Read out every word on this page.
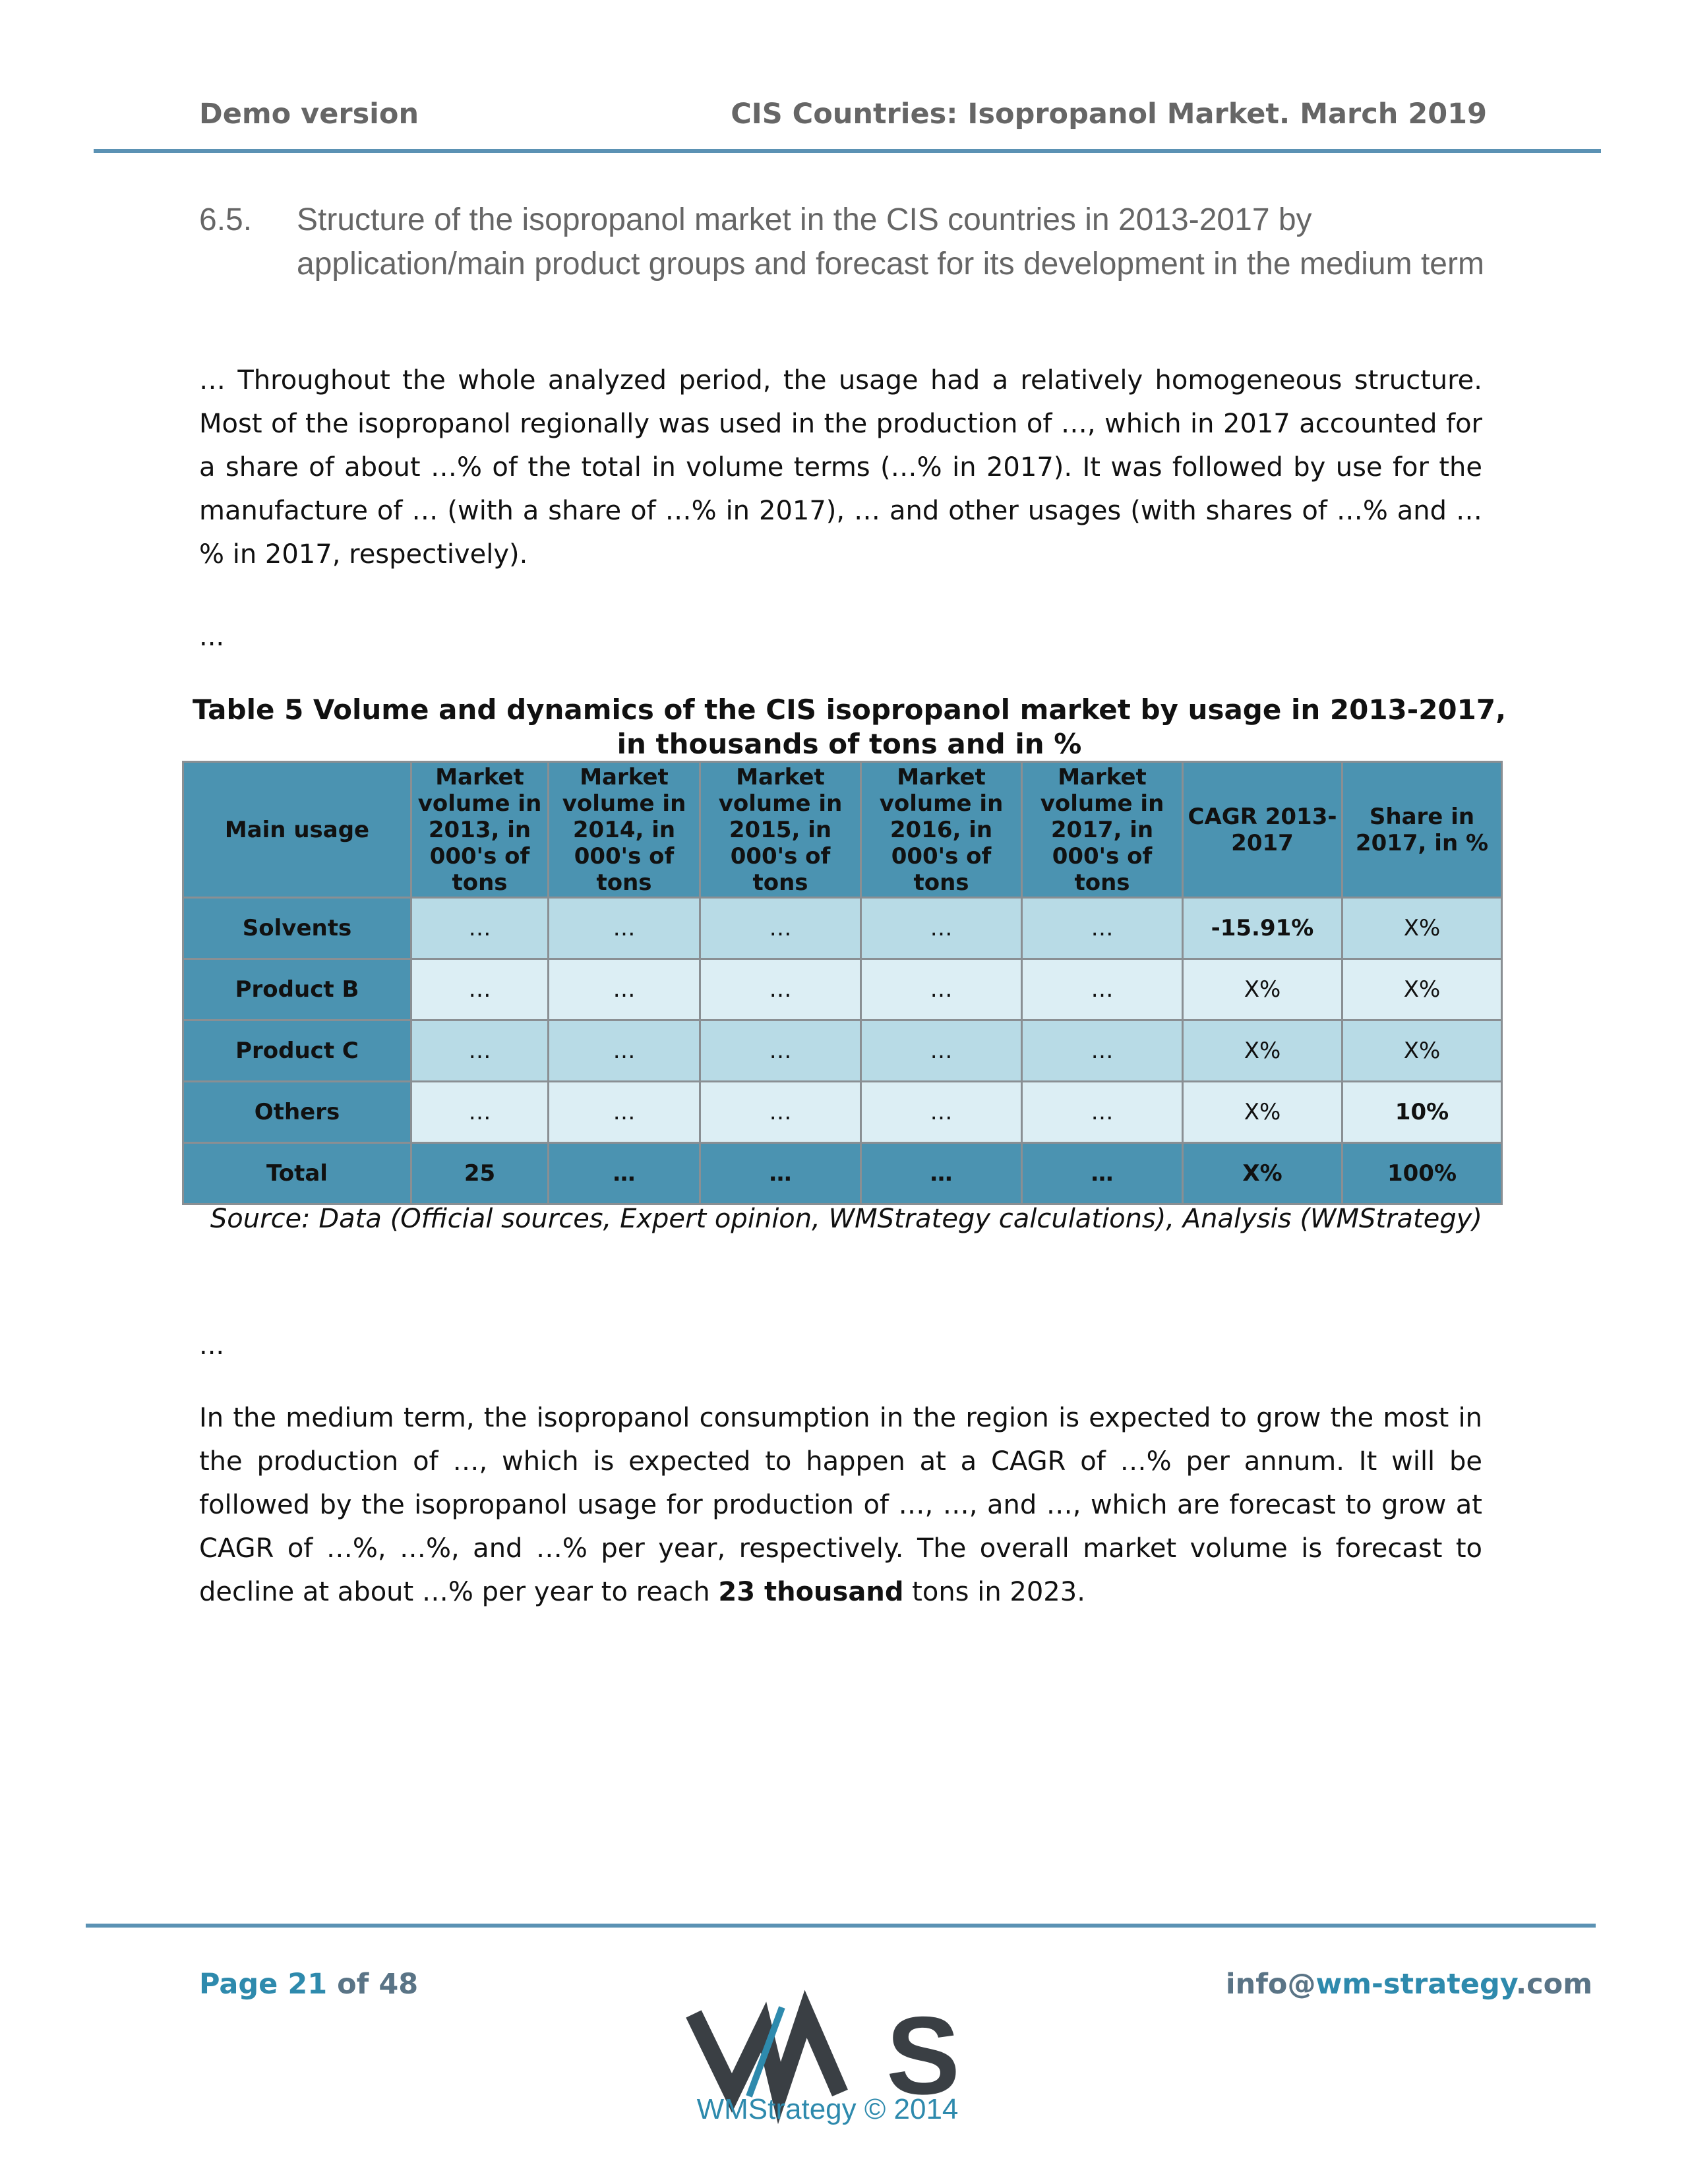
Demo version	CIS Countries: Isopropanol Market. March 2019
6.5. Structure of the isopropanol market in the CIS countries in 2013-2017 by application/main product groups and forecast for its development in the medium term

… Throughout the whole analyzed period, the usage had a relatively homogeneous structure. Most of the isopropanol regionally was used in the production of …, which in 2017 accounted for a share of about …% of the total in volume terms (…% in 2017). It was followed by use for the manufacture of … (with a share of …% in 2017), … and other usages (with shares of …% and …% in 2017, respectively).

...
Table 5 Volume and dynamics of the CIS isopropanol market by usage in 2013-2017, in thousands of tons and in %
Main usage	Market volume in 2013, in 000's of tons	Market volume in 2014, in 000's of tons	Market volume in 2015, in 000's of tons	Market volume in 2016, in 000's of tons	Market volume in 2017, in 000's of tons	CAGR 2013-2017	Share in 2017, in %
Solvents	…	…	…	…	…	-15.91%	X%
Product B	…	…	…	…	…	X%	X%
Product C	…	…	…	…	…	X%	X%
Others	…	…	…	…	…	X%	10%
Total	25	…	…	…	…	X%	100%
Source: Data (Official sources, Expert opinion, WMStrategy calculations), Analysis (WMStrategy)
...

In the medium term, the isopropanol consumption in the region is expected to grow the most in the production of …, which is expected to happen at a CAGR of …% per annum. It will be followed by the isopropanol usage for production of …, …, and …, which are forecast to grow at CAGR of …%, …%, and …% per year, respectively. The overall market volume is forecast to decline at about …% per year to reach 23 thousand tons in 2023.

Page 21 of 48	info@wm-strategy.com
S
WMStrategy © 2014
